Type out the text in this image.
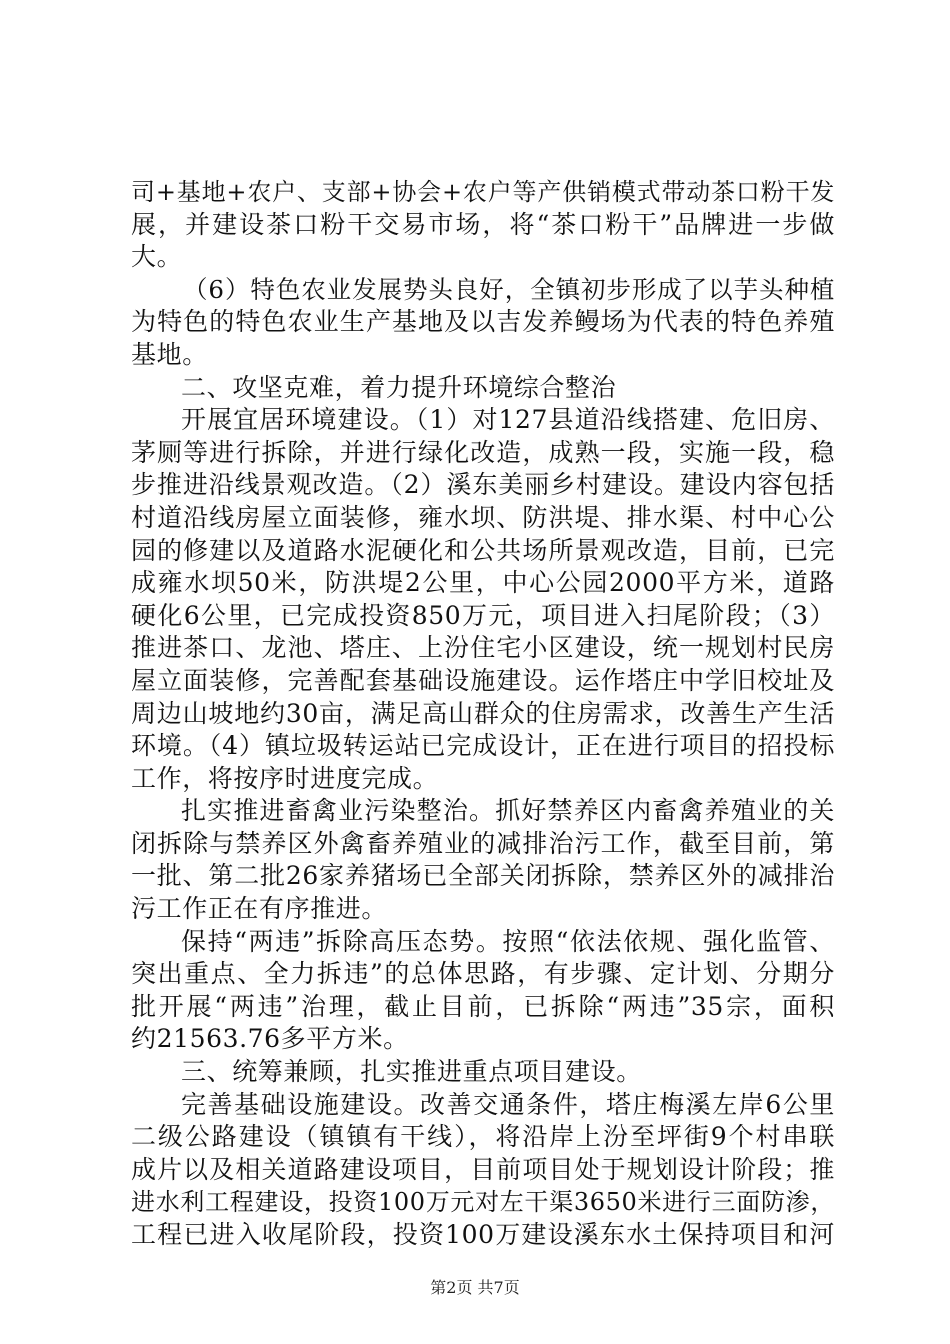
司+基地+农户、支部+协会+农户等产供销模式带动茶口粉干发
展，并建设茶口粉干交易市场，将“茶口粉干”品牌进一步做
大。
（6）特色农业发展势头良好，全镇初步形成了以芋头种植
为特色的特色农业生产基地及以吉发养鳗场为代表的特色养殖
基地。
二、攻坚克难，着力提升环境综合整治
开展宜居环境建设。（1）对127县道沿线搭建、危旧房、
茅厕等进行拆除，并进行绿化改造，成熟一段，实施一段，稳
步推进沿线景观改造。（2）溪东美丽乡村建设。建设内容包括
村道沿线房屋立面装修，雍水坝、防洪堤、排水渠、村中心公
园的修建以及道路水泥硬化和公共场所景观改造，目前，已完
成雍水坝50米，防洪堤2公里，中心公园2000平方米，道路
硬化6公里，已完成投资850万元，项目进入扫尾阶段；（3）
推进茶口、龙池、塔庄、上汾住宅小区建设，统一规划村民房
屋立面装修，完善配套基础设施建设。运作塔庄中学旧校址及
周边山坡地约30亩，满足高山群众的住房需求，改善生产生活
环境。（4）镇垃圾转运站已完成设计，正在进行项目的招投标
工作，将按序时进度完成。
扎实推进畜禽业污染整治。抓好禁养区内畜禽养殖业的关
闭拆除与禁养区外禽畜养殖业的减排治污工作，截至目前，第
一批、第二批26家养猪场已全部关闭拆除，禁养区外的减排治
污工作正在有序推进。
保持“两违”拆除高压态势。按照“依法依规、强化监管、
突出重点、全力拆违”的总体思路，有步骤、定计划、分期分
批开展“两违”治理，截止目前，已拆除“两违”35宗，面积
约21563.76多平方米。
三、统筹兼顾，扎实推进重点项目建设。
完善基础设施建设。改善交通条件，塔庄梅溪左岸6公里
二级公路建设（镇镇有干线），将沿岸上汾至坪街9个村串联
成片以及相关道路建设项目，目前项目处于规划设计阶段；推
进水利工程建设，投资100万元对左干渠3650米进行三面防渗，
工程已进入收尾阶段，投资100万建设溪东水土保持项目和河
第2页 共7页
